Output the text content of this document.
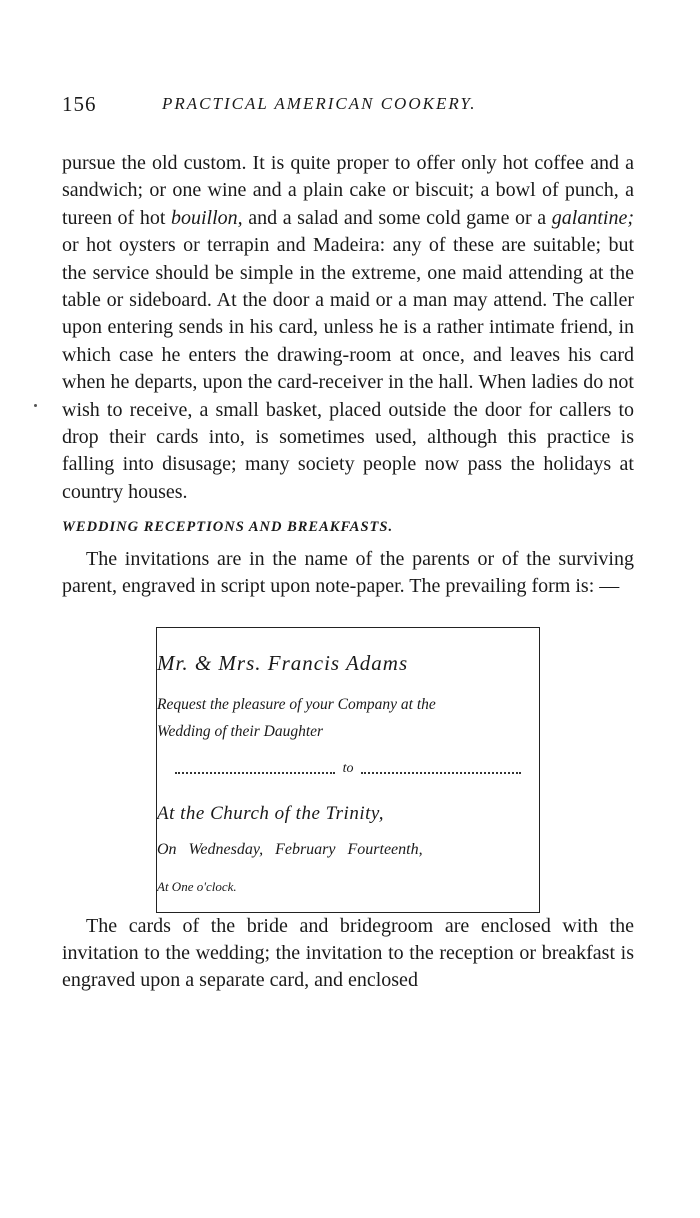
156	PRACTICAL AMERICAN COOKERY.

pursue the old custom. It is quite proper to offer only hot coffee and a sandwich; or one wine and a plain cake or biscuit; a bowl of punch, a tureen of hot bouillon, and a salad and some cold game or a galantine; or hot oysters or terrapin and Madeira: any of these are suitable; but the service should be simple in the extreme, one maid attending at the table or sideboard. At the door a maid or a man may attend. The caller upon entering sends in his card, unless he is a rather intimate friend, in which case he enters the drawing-room at once, and leaves his card when he departs, upon the card-receiver in the hall. When ladies do not wish to receive, a small basket, placed outside the door for callers to drop their cards into, is sometimes used, although this practice is falling into disusage; many society people now pass the holidays at country houses.

WEDDING RECEPTIONS AND BREAKFASTS.

The invitations are in the name of the parents or of the surviving parent, engraved in script upon note-paper. The prevailing form is: —

Mr. & Mrs. Francis Adams
Request the pleasure of your Company at the
Wedding of their Daughter
to
At the Church of the Trinity,
On Wednesday, February Fourteenth,
At One o'clock.

The cards of the bride and bridegroom are enclosed with the invitation to the wedding; the invitation to the reception or breakfast is engraved upon a separate card, and enclosed
